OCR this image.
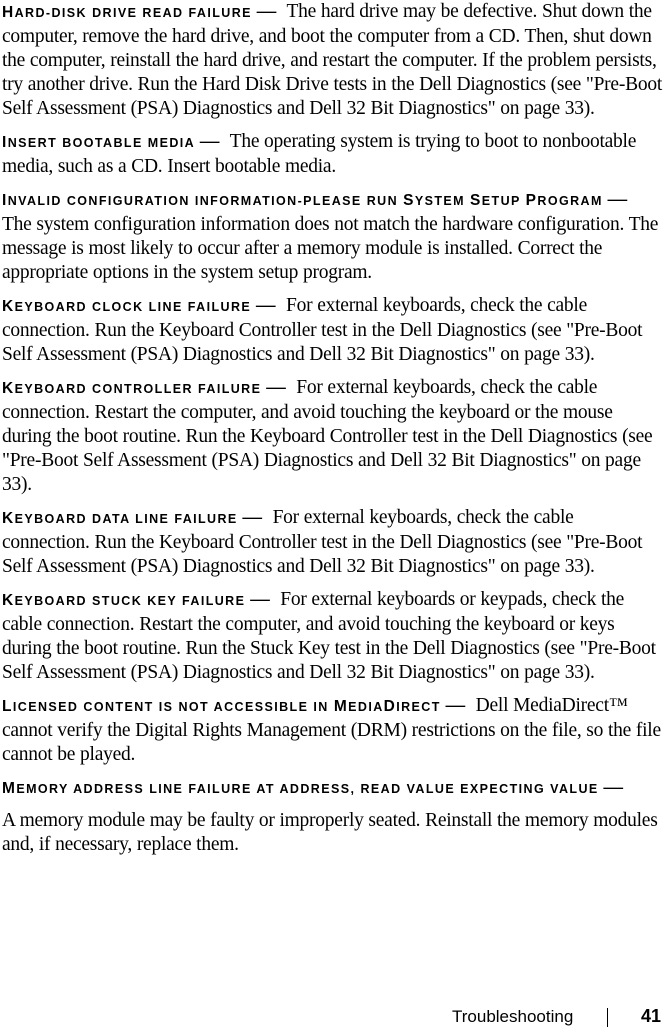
HARD-DISK DRIVE READ FAILURE — The hard drive may be defective. Shut down the computer, remove the hard drive, and boot the computer from a CD. Then, shut down the computer, reinstall the hard drive, and restart the computer. If the problem persists, try another drive. Run the Hard Disk Drive tests in the Dell Diagnostics (see "Pre-Boot Self Assessment (PSA) Diagnostics and Dell 32 Bit Diagnostics" on page 33).

INSERT BOOTABLE MEDIA — The operating system is trying to boot to nonbootable media, such as a CD. Insert bootable media.

INVALID CONFIGURATION INFORMATION-PLEASE RUN SYSTEM SETUP PROGRAM — The system configuration information does not match the hardware configuration. The message is most likely to occur after a memory module is installed. Correct the appropriate options in the system setup program.

KEYBOARD CLOCK LINE FAILURE — For external keyboards, check the cable connection. Run the Keyboard Controller test in the Dell Diagnostics (see "Pre-Boot Self Assessment (PSA) Diagnostics and Dell 32 Bit Diagnostics" on page 33).

KEYBOARD CONTROLLER FAILURE — For external keyboards, check the cable connection. Restart the computer, and avoid touching the keyboard or the mouse during the boot routine. Run the Keyboard Controller test in the Dell Diagnostics (see "Pre-Boot Self Assessment (PSA) Diagnostics and Dell 32 Bit Diagnostics" on page 33).

KEYBOARD DATA LINE FAILURE — For external keyboards, check the cable connection. Run the Keyboard Controller test in the Dell Diagnostics (see "Pre-Boot Self Assessment (PSA) Diagnostics and Dell 32 Bit Diagnostics" on page 33).

KEYBOARD STUCK KEY FAILURE — For external keyboards or keypads, check the cable connection. Restart the computer, and avoid touching the keyboard or keys during the boot routine. Run the Stuck Key test in the Dell Diagnostics (see "Pre-Boot Self Assessment (PSA) Diagnostics and Dell 32 Bit Diagnostics" on page 33).

LICENSED CONTENT IS NOT ACCESSIBLE IN MEDIADIRECT — Dell MediaDirect™ cannot verify the Digital Rights Management (DRM) restrictions on the file, so the file cannot be played.

MEMORY ADDRESS LINE FAILURE AT ADDRESS, READ VALUE EXPECTING VALUE —
A memory module may be faulty or improperly seated. Reinstall the memory modules and, if necessary, replace them.

Troubleshooting	41
